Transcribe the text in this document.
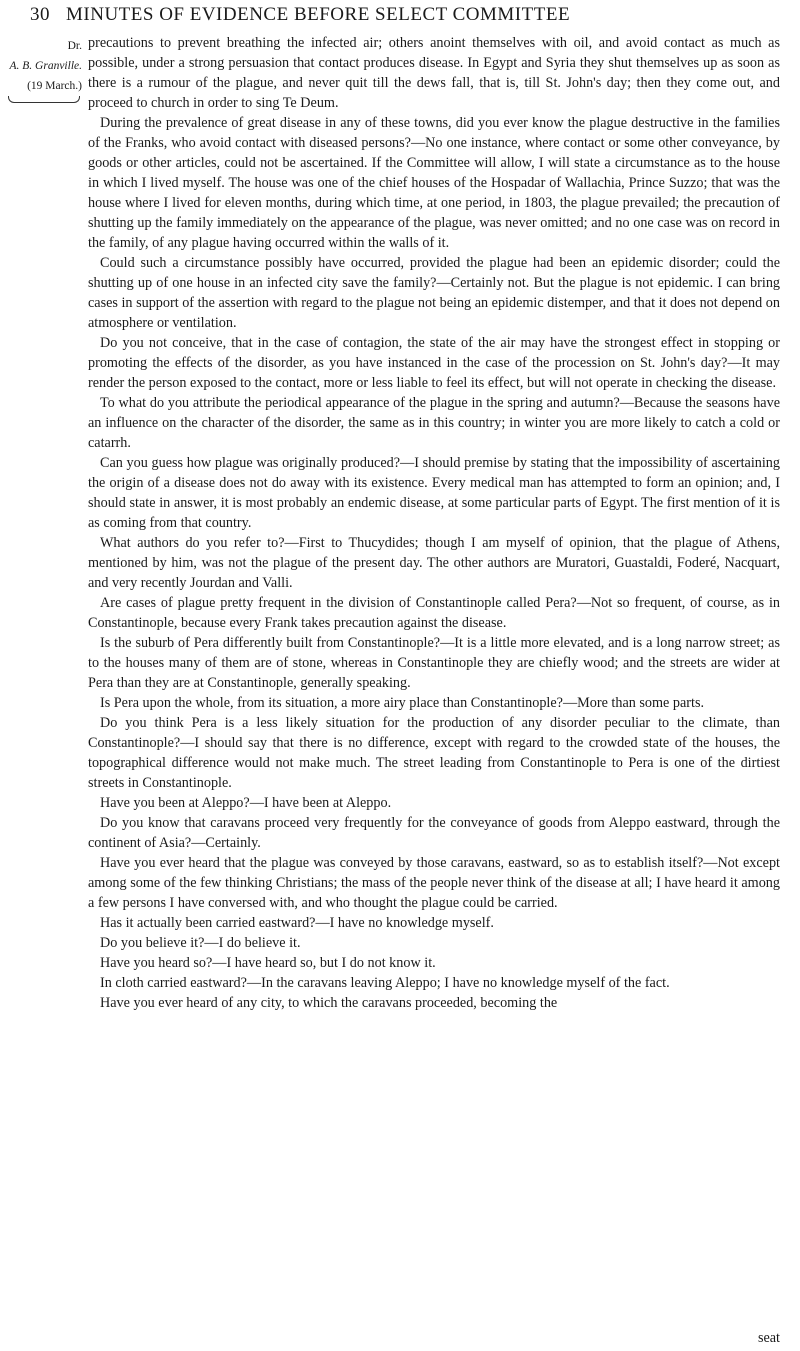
30 MINUTES OF EVIDENCE BEFORE SELECT COMMITTEE
Dr.
A. B. Granville.
(19 March.)

precautions to prevent breathing the infected air; others anoint themselves with oil, and avoid contact as much as possible, under a strong persuasion that contact produces disease. In Egypt and Syria they shut themselves up as soon as there is a rumour of the plague, and never quit till the dews fall, that is, till St. John's day; then they come out, and proceed to church in order to sing Te Deum.

During the prevalence of great disease in any of these towns, did you ever know the plague destructive in the families of the Franks, who avoid contact with diseased persons?—No one instance, where contact or some other conveyance, by goods or other articles, could not be ascertained. If the Committee will allow, I will state a circumstance as to the house in which I lived myself. The house was one of the chief houses of the Hospadar of Wallachia, Prince Suzzo; that was the house where I lived for eleven months, during which time, at one period, in 1803, the plague prevailed; the precaution of shutting up the family immediately on the appearance of the plague, was never omitted; and no one case was on record in the family, of any plague having occurred within the walls of it.

Could such a circumstance possibly have occurred, provided the plague had been an epidemic disorder; could the shutting up of one house in an infected city save the family?—Certainly not. But the plague is not epidemic. I can bring cases in support of the assertion with regard to the plague not being an epidemic distemper, and that it does not depend on atmosphere or ventilation.

Do you not conceive, that in the case of contagion, the state of the air may have the strongest effect in stopping or promoting the effects of the disorder, as you have instanced in the case of the procession on St. John's day?—It may render the person exposed to the contact, more or less liable to feel its effect, but will not operate in checking the disease.

To what do you attribute the periodical appearance of the plague in the spring and autumn?—Because the seasons have an influence on the character of the disorder, the same as in this country; in winter you are more likely to catch a cold or catarrh.

Can you guess how plague was originally produced?—I should premise by stating that the impossibility of ascertaining the origin of a disease does not do away with its existence. Every medical man has attempted to form an opinion; and, I should state in answer, it is most probably an endemic disease, at some particular parts of Egypt. The first mention of it is as coming from that country.

What authors do you refer to?—First to Thucydides; though I am myself of opinion, that the plague of Athens, mentioned by him, was not the plague of the present day. The other authors are Muratori, Guastaldi, Foderé, Nacquart, and very recently Jourdan and Valli.

Are cases of plague pretty frequent in the division of Constantinople called Pera?—Not so frequent, of course, as in Constantinople, because every Frank takes precaution against the disease.

Is the suburb of Pera differently built from Constantinople?—It is a little more elevated, and is a long narrow street; as to the houses many of them are of stone, whereas in Constantinople they are chiefly wood; and the streets are wider at Pera than they are at Constantinople, generally speaking.

Is Pera upon the whole, from its situation, a more airy place than Constantinople?—More than some parts.

Do you think Pera is a less likely situation for the production of any disorder peculiar to the climate, than Constantinople?—I should say that there is no difference, except with regard to the crowded state of the houses, the topographical difference would not make much. The street leading from Constantinople to Pera is one of the dirtiest streets in Constantinople.

Have you been at Aleppo?—I have been at Aleppo.

Do you know that caravans proceed very frequently for the conveyance of goods from Aleppo eastward, through the continent of Asia?—Certainly.

Have you ever heard that the plague was conveyed by those caravans, eastward, so as to establish itself?—Not except among some of the few thinking Christians; the mass of the people never think of the disease at all; I have heard it among a few persons I have conversed with, and who thought the plague could be carried.

Has it actually been carried eastward?—I have no knowledge myself.

Do you believe it?—I do believe it.

Have you heard so?—I have heard so, but I do not know it.

In cloth carried eastward?—In the caravans leaving Aleppo; I have no knowledge myself of the fact.

Have you ever heard of any city, to which the caravans proceeded, becoming the

seat
